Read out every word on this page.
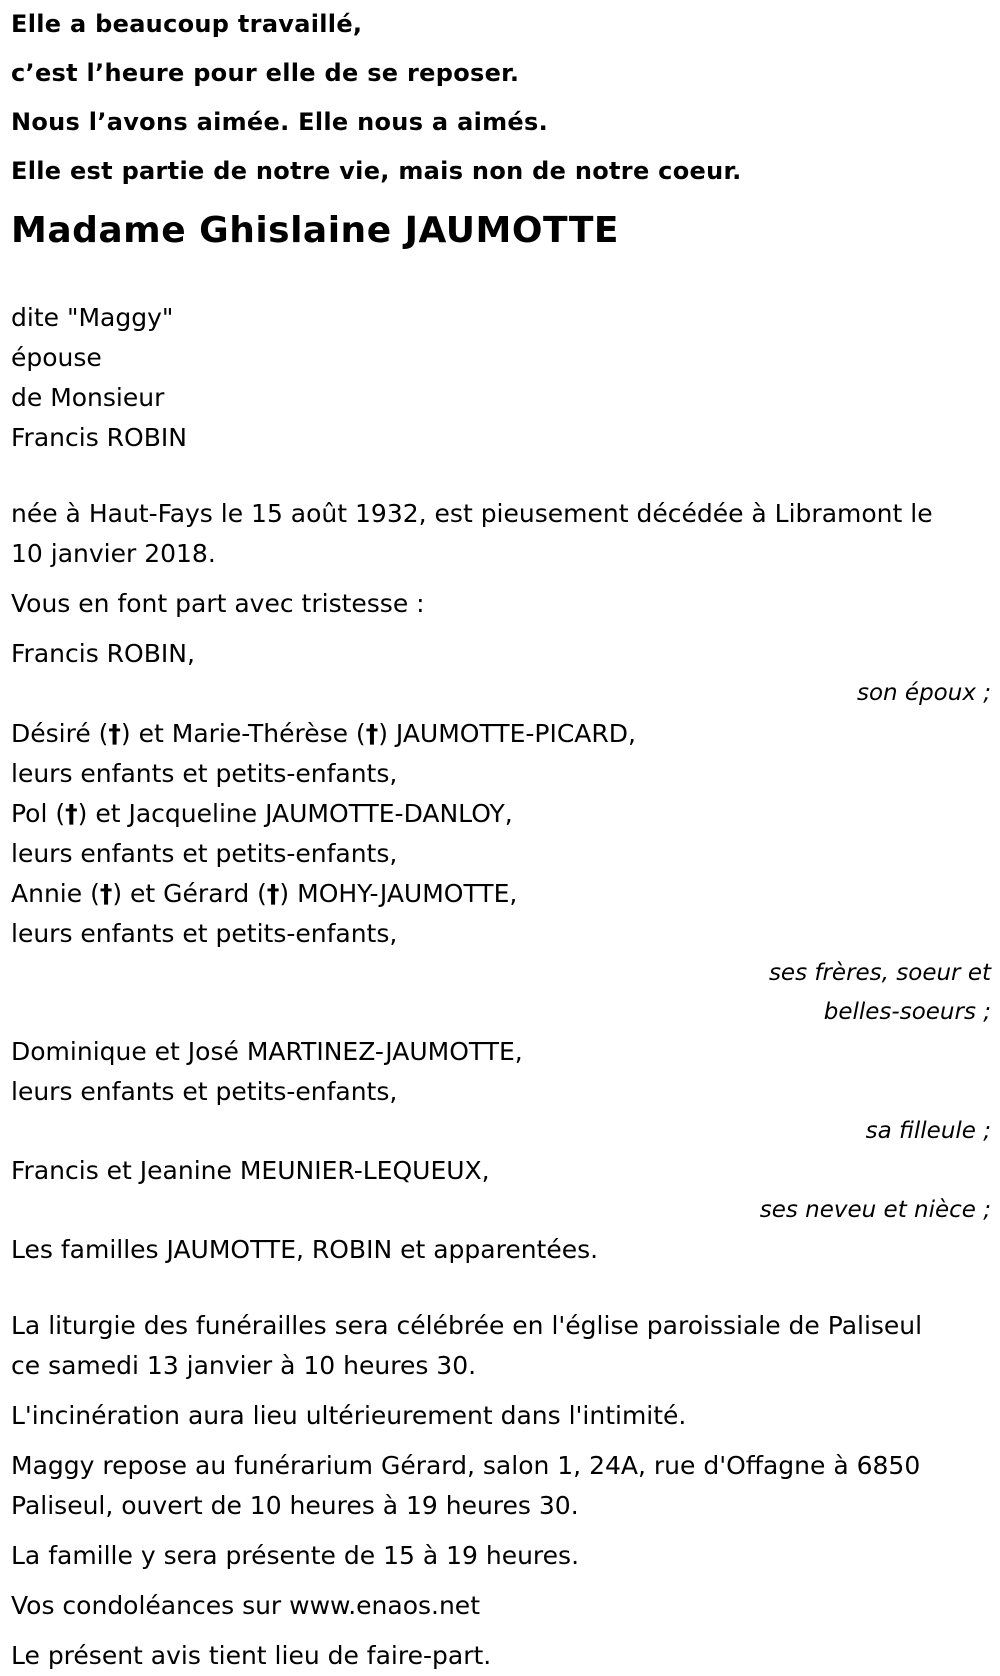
Elle a beaucoup travaillé,
c’est l’heure pour elle de se reposer.
Nous l’avons aimée. Elle nous a aimés.
Elle est partie de notre vie, mais non de notre coeur.
Madame Ghislaine JAUMOTTE
dite "Maggy"
épouse
de Monsieur
Francis ROBIN
née à Haut-Fays le 15 août 1932, est pieusement décédée à Libramont le
10 janvier 2018.
Vous en font part avec tristesse :
Francis ROBIN,
son époux ;
Désiré (†) et Marie-Thérèse (†) JAUMOTTE-PICARD,
leurs enfants et petits-enfants,
Pol (†) et Jacqueline JAUMOTTE-DANLOY,
leurs enfants et petits-enfants,
Annie (†) et Gérard (†) MOHY-JAUMOTTE,
leurs enfants et petits-enfants,
ses frères, soeur et
belles-soeurs ;
Dominique et José MARTINEZ-JAUMOTTE,
leurs enfants et petits-enfants,
sa filleule ;
Francis et Jeanine MEUNIER-LEQUEUX,
ses neveu et nièce ;
Les familles JAUMOTTE, ROBIN et apparentées.
La liturgie des funérailles sera célébrée en l'église paroissiale de Paliseul
ce samedi 13 janvier à 10 heures 30.
L'incinération aura lieu ultérieurement dans l'intimité.
Maggy repose au funérarium Gérard, salon 1, 24A, rue d'Offagne à 6850
Paliseul, ouvert de 10 heures à 19 heures 30.
La famille y sera présente de 15 à 19 heures.
Vos condoléances sur www.enaos.net
Le présent avis tient lieu de faire-part.
